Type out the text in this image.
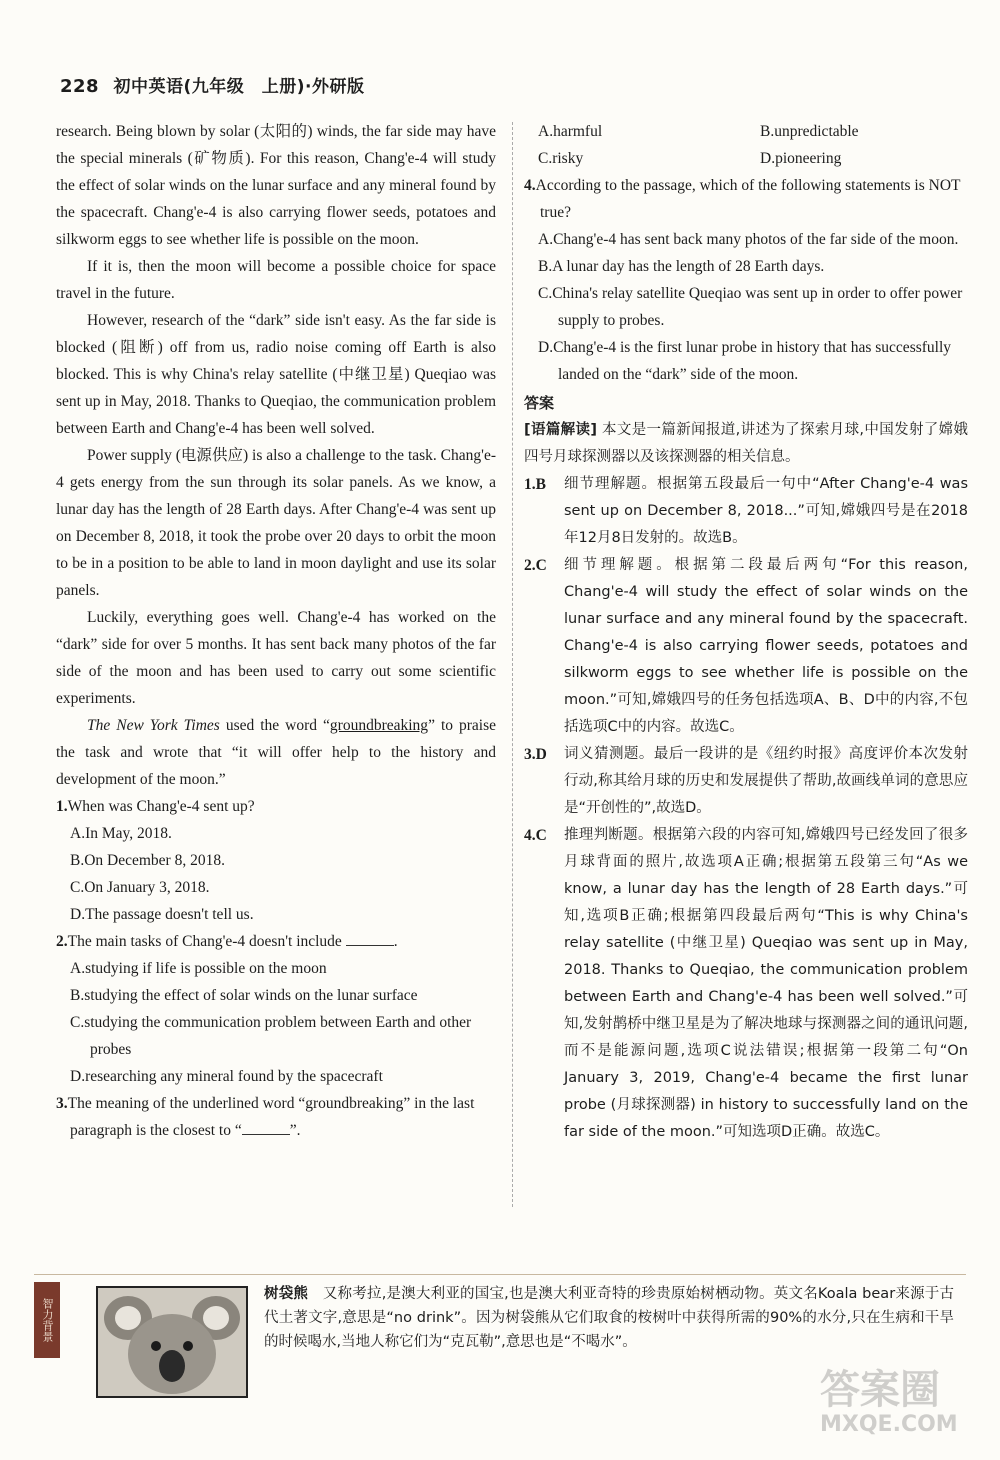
228 初中英语(九年级　上册)·外研版

research. Being blown by solar (太阳的) winds, the far side may have the special minerals (矿物质). For this reason, Chang'e-4 will study the effect of solar winds on the lunar surface and any mineral found by the spacecraft. Chang'e-4 is also carrying flower seeds, potatoes and silkworm eggs to see whether life is possible on the moon.

If it is, then the moon will become a possible choice for space travel in the future.

However, research of the “dark” side isn't easy. As the far side is blocked (阻断) off from us, radio noise coming off Earth is also blocked. This is why China's relay satellite (中继卫星) Queqiao was sent up in May, 2018. Thanks to Queqiao, the communication problem between Earth and Chang'e-4 has been well solved.

Power supply (电源供应) is also a challenge to the task. Chang'e-4 gets energy from the sun through its solar panels. As we know, a lunar day has the length of 28 Earth days. After Chang'e-4 was sent up on December 8, 2018, it took the probe over 20 days to orbit the moon to be in a position to be able to land in moon daylight and use its solar panels.

Luckily, everything goes well. Chang'e-4 has worked on the “dark” side for over 5 months. It has sent back many photos of the far side of the moon and has been used to carry out some scientific experiments.

The New York Times used the word “groundbreaking” to praise the task and wrote that “it will offer help to the history and development of the moon.”

1.When was Chang'e-4 sent up?
A.In May, 2018.
B.On December 8, 2018.
C.On January 3, 2018.
D.The passage doesn't tell us.
2.The main tasks of Chang'e-4 doesn't include	.
A.studying if life is possible on the moon
B.studying the effect of solar winds on the lunar surface
C.studying the communication problem between Earth and other probes
D.researching any mineral found by the spacecraft
3.The meaning of the underlined word “groundbreaking” in the last paragraph is the closest to “	”.
A.harmful	B.unpredictable
C.risky	D.pioneering
4.According to the passage, which of the following statements is NOT true?
A.Chang'e-4 has sent back many photos of the far side of the moon.
B.A lunar day has the length of 28 Earth days.
C.China's relay satellite Queqiao was sent up in order to offer power supply to probes.
D.Chang'e-4 is the first lunar probe in history that has successfully landed on the “dark” side of the moon.
答案

[语篇解读] 本文是一篇新闻报道,讲述为了探索月球,中国发射了嫦娥四号月球探测器以及该探测器的相关信息。

1.B	细节理解题。根据第五段最后一句中“After Chang'e-4 was sent up on December 8, 2018...”可知,嫦娥四号是在2018年12月8日发射的。故选B。
2.C	细节理解题。根据第二段最后两句“For this reason, Chang'e-4 will study the effect of solar winds on the lunar surface and any mineral found by the spacecraft. Chang'e-4 is also carrying flower seeds, potatoes and silkworm eggs to see whether life is possible on the moon.”可知,嫦娥四号的任务包括选项A、B、D中的内容,不包括选项C中的内容。故选C。
3.D	词义猜测题。最后一段讲的是《纽约时报》高度评价本次发射行动,称其给月球的历史和发展提供了帮助,故画线单词的意思应是“开创性的”,故选D。
4.C	推理判断题。根据第六段的内容可知,嫦娥四号已经发回了很多月球背面的照片,故选项A正确;根据第五段第三句“As we know, a lunar day has the length of 28 Earth days.”可知,选项B正确;根据第四段最后两句“This is why China's relay satellite (中继卫星) Queqiao was sent up in May, 2018. Thanks to Queqiao, the communication problem between Earth and Chang'e-4 has been well solved.”可知,发射鹊桥中继卫星是为了解决地球与探测器之间的通讯问题,而不是能源问题,选项C说法错误;根据第一段第二句“On January 3, 2019, Chang'e-4 became the first lunar probe (月球探测器) in history to successfully land on the far side of the moon.”可知选项D正确。故选C。
智力背景
树袋熊　又称考拉,是澳大利亚的国宝,也是澳大利亚奇特的珍贵原始树栖动物。英文名Koala bear来源于古代土著文字,意思是“no drink”。因为树袋熊从它们取食的桉树叶中获得所需的90%的水分,只在生病和干旱的时候喝水,当地人称它们为“克瓦勒”,意思也是“不喝水”。
答案圈
MXQE.COM
